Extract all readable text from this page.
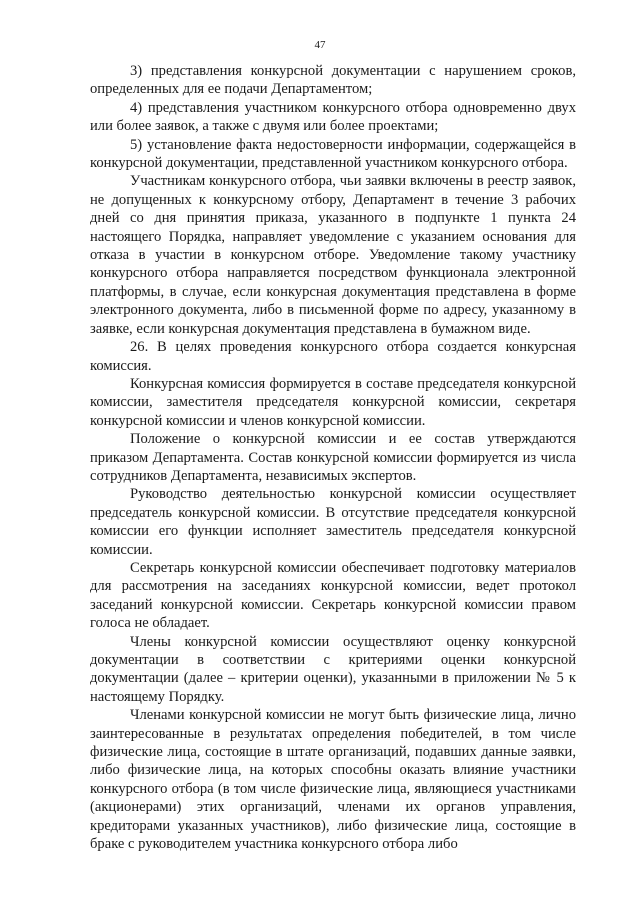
47

3) представления конкурсной документации с нарушением сроков, определенных для ее подачи Департаментом;

4) представления участником конкурсного отбора одновременно двух или более заявок, а также с двумя или более проектами;

5) установление факта недостоверности информации, содержащейся в конкурсной документации, представленной участником конкурсного отбора.

Участникам конкурсного отбора, чьи заявки включены в реестр заявок, не допущенных к конкурсному отбору, Департамент в течение 3 рабочих дней со дня принятия приказа, указанного в подпункте 1 пункта 24 настоящего Порядка, направляет уведомление с указанием основания для отказа в участии в конкурсном отборе. Уведомление такому участнику конкурсного отбора направляется посредством функционала электронной платформы, в случае, если конкурсная документация представлена в форме электронного документа, либо в письменной форме по адресу, указанному в заявке, если конкурсная документация представлена в бумажном виде.

26. В целях проведения конкурсного отбора создается конкурсная комиссия.

Конкурсная комиссия формируется в составе председателя конкурсной комиссии, заместителя председателя конкурсной комиссии, секретаря конкурсной комиссии и членов конкурсной комиссии.

Положение о конкурсной комиссии и ее состав утверждаются приказом Департамента. Состав конкурсной комиссии формируется из числа сотрудников Департамента, независимых экспертов.

Руководство деятельностью конкурсной комиссии осуществляет председатель конкурсной комиссии. В отсутствие председателя конкурсной комиссии его функции исполняет заместитель председателя конкурсной комиссии.

Секретарь конкурсной комиссии обеспечивает подготовку материалов для рассмотрения на заседаниях конкурсной комиссии, ведет протокол заседаний конкурсной комиссии. Секретарь конкурсной комиссии правом голоса не обладает.

Члены конкурсной комиссии осуществляют оценку конкурсной документации в соответствии с критериями оценки конкурсной документации (далее – критерии оценки), указанными в приложении № 5 к настоящему Порядку.

Членами конкурсной комиссии не могут быть физические лица, лично заинтересованные в результатах определения победителей, в том числе физические лица, состоящие в штате организаций, подавших данные заявки, либо физические лица, на которых способны оказать влияние участники конкурсного отбора (в том числе физические лица, являющиеся участниками (акционерами) этих организаций, членами их органов управления, кредиторами указанных участников), либо физические лица, состоящие в браке с руководителем участника конкурсного отбора либо
